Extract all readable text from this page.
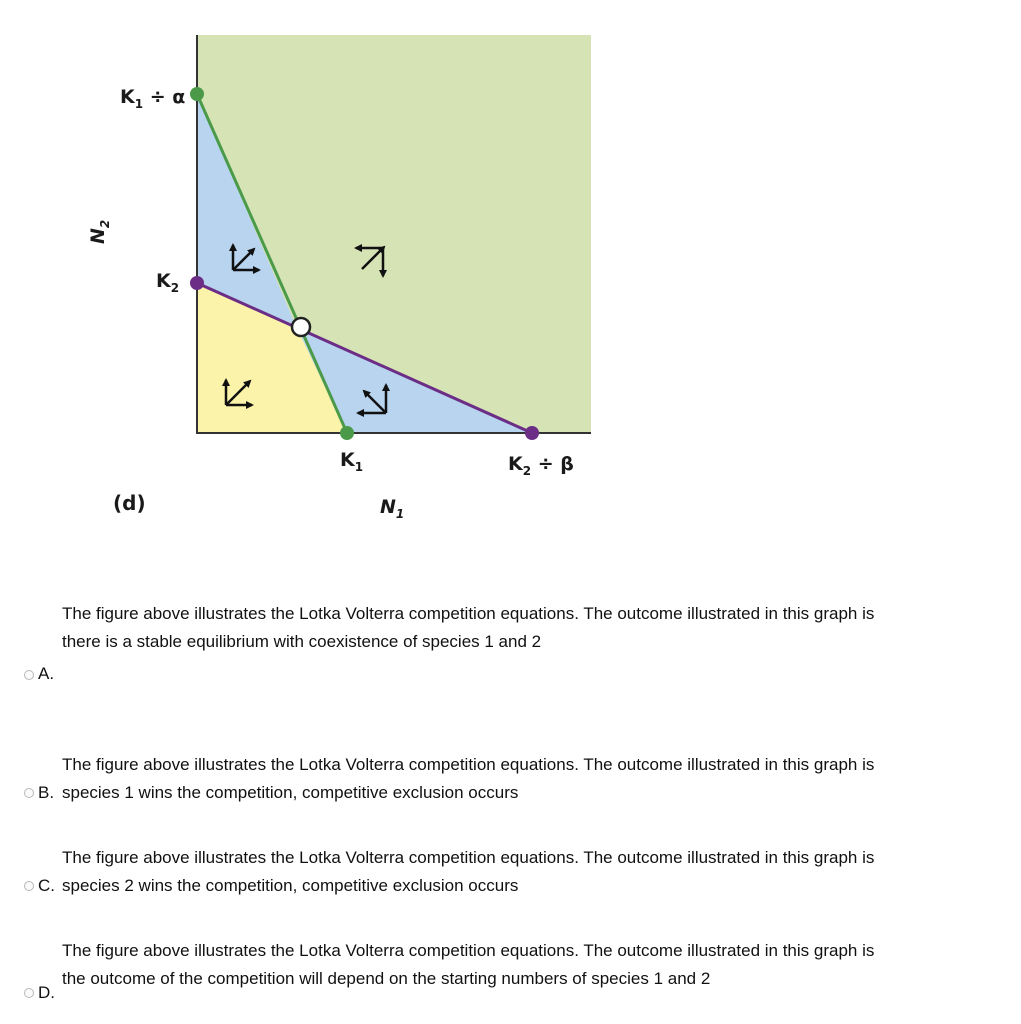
$K_1 \div \alpha$
$K_2$
$K_1$	$K_2 \div \beta$
(d)	$N_1$
$N_2$
The figure above illustrates the Lotka Volterra competition equations. The outcome illustrated in this graph is
there is a stable equilibrium with coexistence of species 1 and 2
A.
The figure above illustrates the Lotka Volterra competition equations. The outcome illustrated in this graph is
species 1 wins the competition, competitive exclusion occurs
B.
The figure above illustrates the Lotka Volterra competition equations. The outcome illustrated in this graph is
species 2 wins the competition, competitive exclusion occurs
C.
The figure above illustrates the Lotka Volterra competition equations. The outcome illustrated in this graph is
the outcome of the competition will depend on the starting numbers of species 1 and 2
D.
